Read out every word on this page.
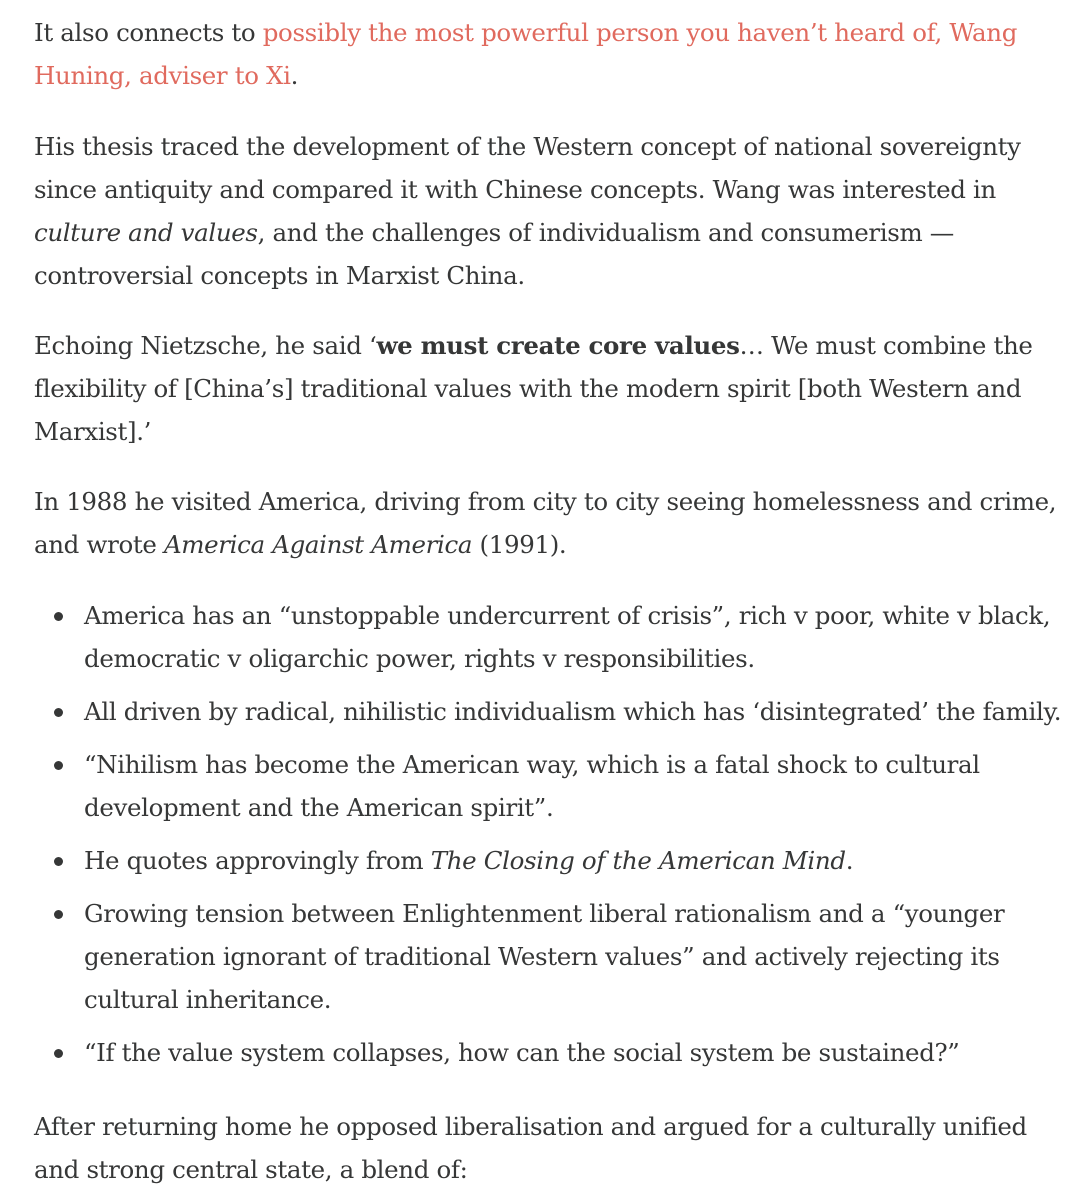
It also connects to possibly the most powerful person you haven’t heard of, Wang Huning, adviser to Xi.

His thesis traced the development of the Western concept of national sovereignty since antiquity and compared it with Chinese concepts. Wang was interested in culture and values, and the challenges of individualism and consumerism — controversial concepts in Marxist China.

Echoing Nietzsche, he said ‘we must create core values… We must combine the flexibility of [China’s] traditional values with the modern spirit [both Western and Marxist].’

In 1988 he visited America, driving from city to city seeing homelessness and crime, and wrote America Against America (1991).

America has an “unstoppable undercurrent of crisis”, rich v poor, white v black, democratic v oligarchic power, rights v responsibilities.
All driven by radical, nihilistic individualism which has ‘disintegrated’ the family.
“Nihilism has become the American way, which is a fatal shock to cultural development and the American spirit”.
He quotes approvingly from The Closing of the American Mind.
Growing tension between Enlightenment liberal rationalism and a “younger generation ignorant of traditional Western values” and actively rejecting its cultural inheritance.
“If the value system collapses, how can the social system be sustained?”

After returning home he opposed liberalisation and argued for a culturally unified and strong central state, a blend of:
